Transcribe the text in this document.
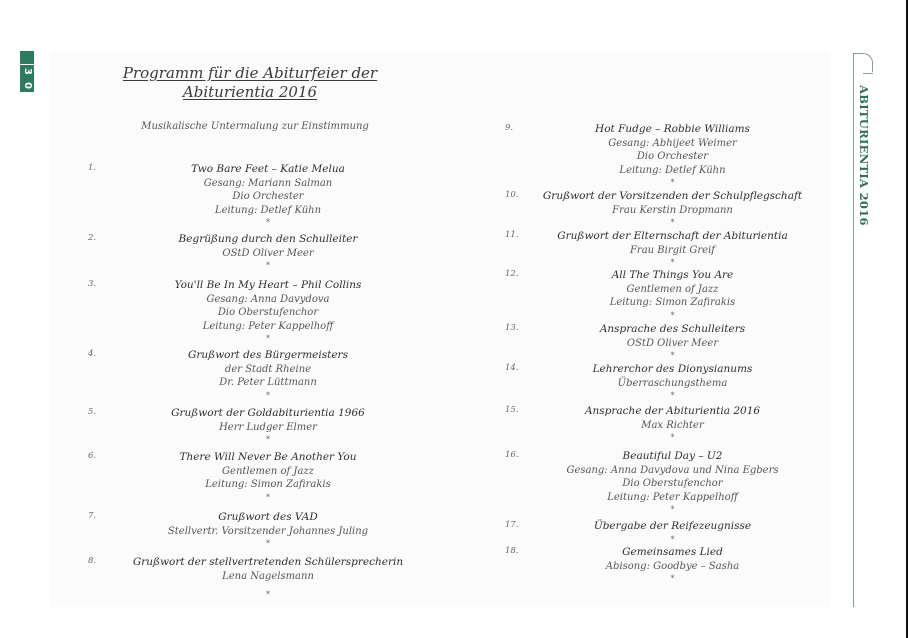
3
0
Programm für die Abiturfeier der
Abiturientia 2016
Musikalische Untermalung zur Einstimmung
1.	Two Bare Feet – Katie Melua
Gesang: Mariann Salman
Dio Orchester
Leitung: Detlef Kühn
*
2.	Begrüßung durch den Schulleiter
OStD Oliver Meer
*
3.	You'll Be In My Heart – Phil Collins
Gesang: Anna Davydova
Dio Oberstufenchor
Leitung: Peter Kappelhoff
*
4.	Grußwort des Bürgermeisters
der Stadt Rheine
Dr. Peter Lüttmann
*
5.	Grußwort der Goldabiturientia 1966
Herr Ludger Elmer
*
6.	There Will Never Be Another You
Gentlemen of Jazz
Leitung: Simon Zafirakis
*
7.	Grußwort des VAD
Stellvertr. Vorsitzender Johannes Juling
*
8.	Grußwort der stellvertretenden Schülersprecherin
Lena Nagelsmann
*
9.	Hot Fudge – Robbie Williams
Gesang: Abhijeet Weimer
Dio Orchester
Leitung: Detlef Kühn
*
10.	Grußwort der Vorsitzenden der Schulpflegschaft
Frau Kerstin Dropmann
*
11.	Grußwort der Elternschaft der Abiturientia
Frau Birgit Greif
*
12.	All The Things You Are
Gentlemen of Jazz
Leitung: Simon Zafirakis
*
13.	Ansprache des Schulleiters
OStD Oliver Meer
*
14.	Lehrerchor des Dionysianums
Überraschungsthema
*
15.	Ansprache der Abiturientia 2016
Max Richter
*
16.	Beautiful Day – U2
Gesang: Anna Davydova und Nina Egbers
Dio Oberstufenchor
Leitung: Peter Kappelhoff
*
17.	Übergabe der Reifezeugnisse
*
18.	Gemeinsames Lied
Abisong: Goodbye – Sasha
*
ABITURIENTIA 2016
